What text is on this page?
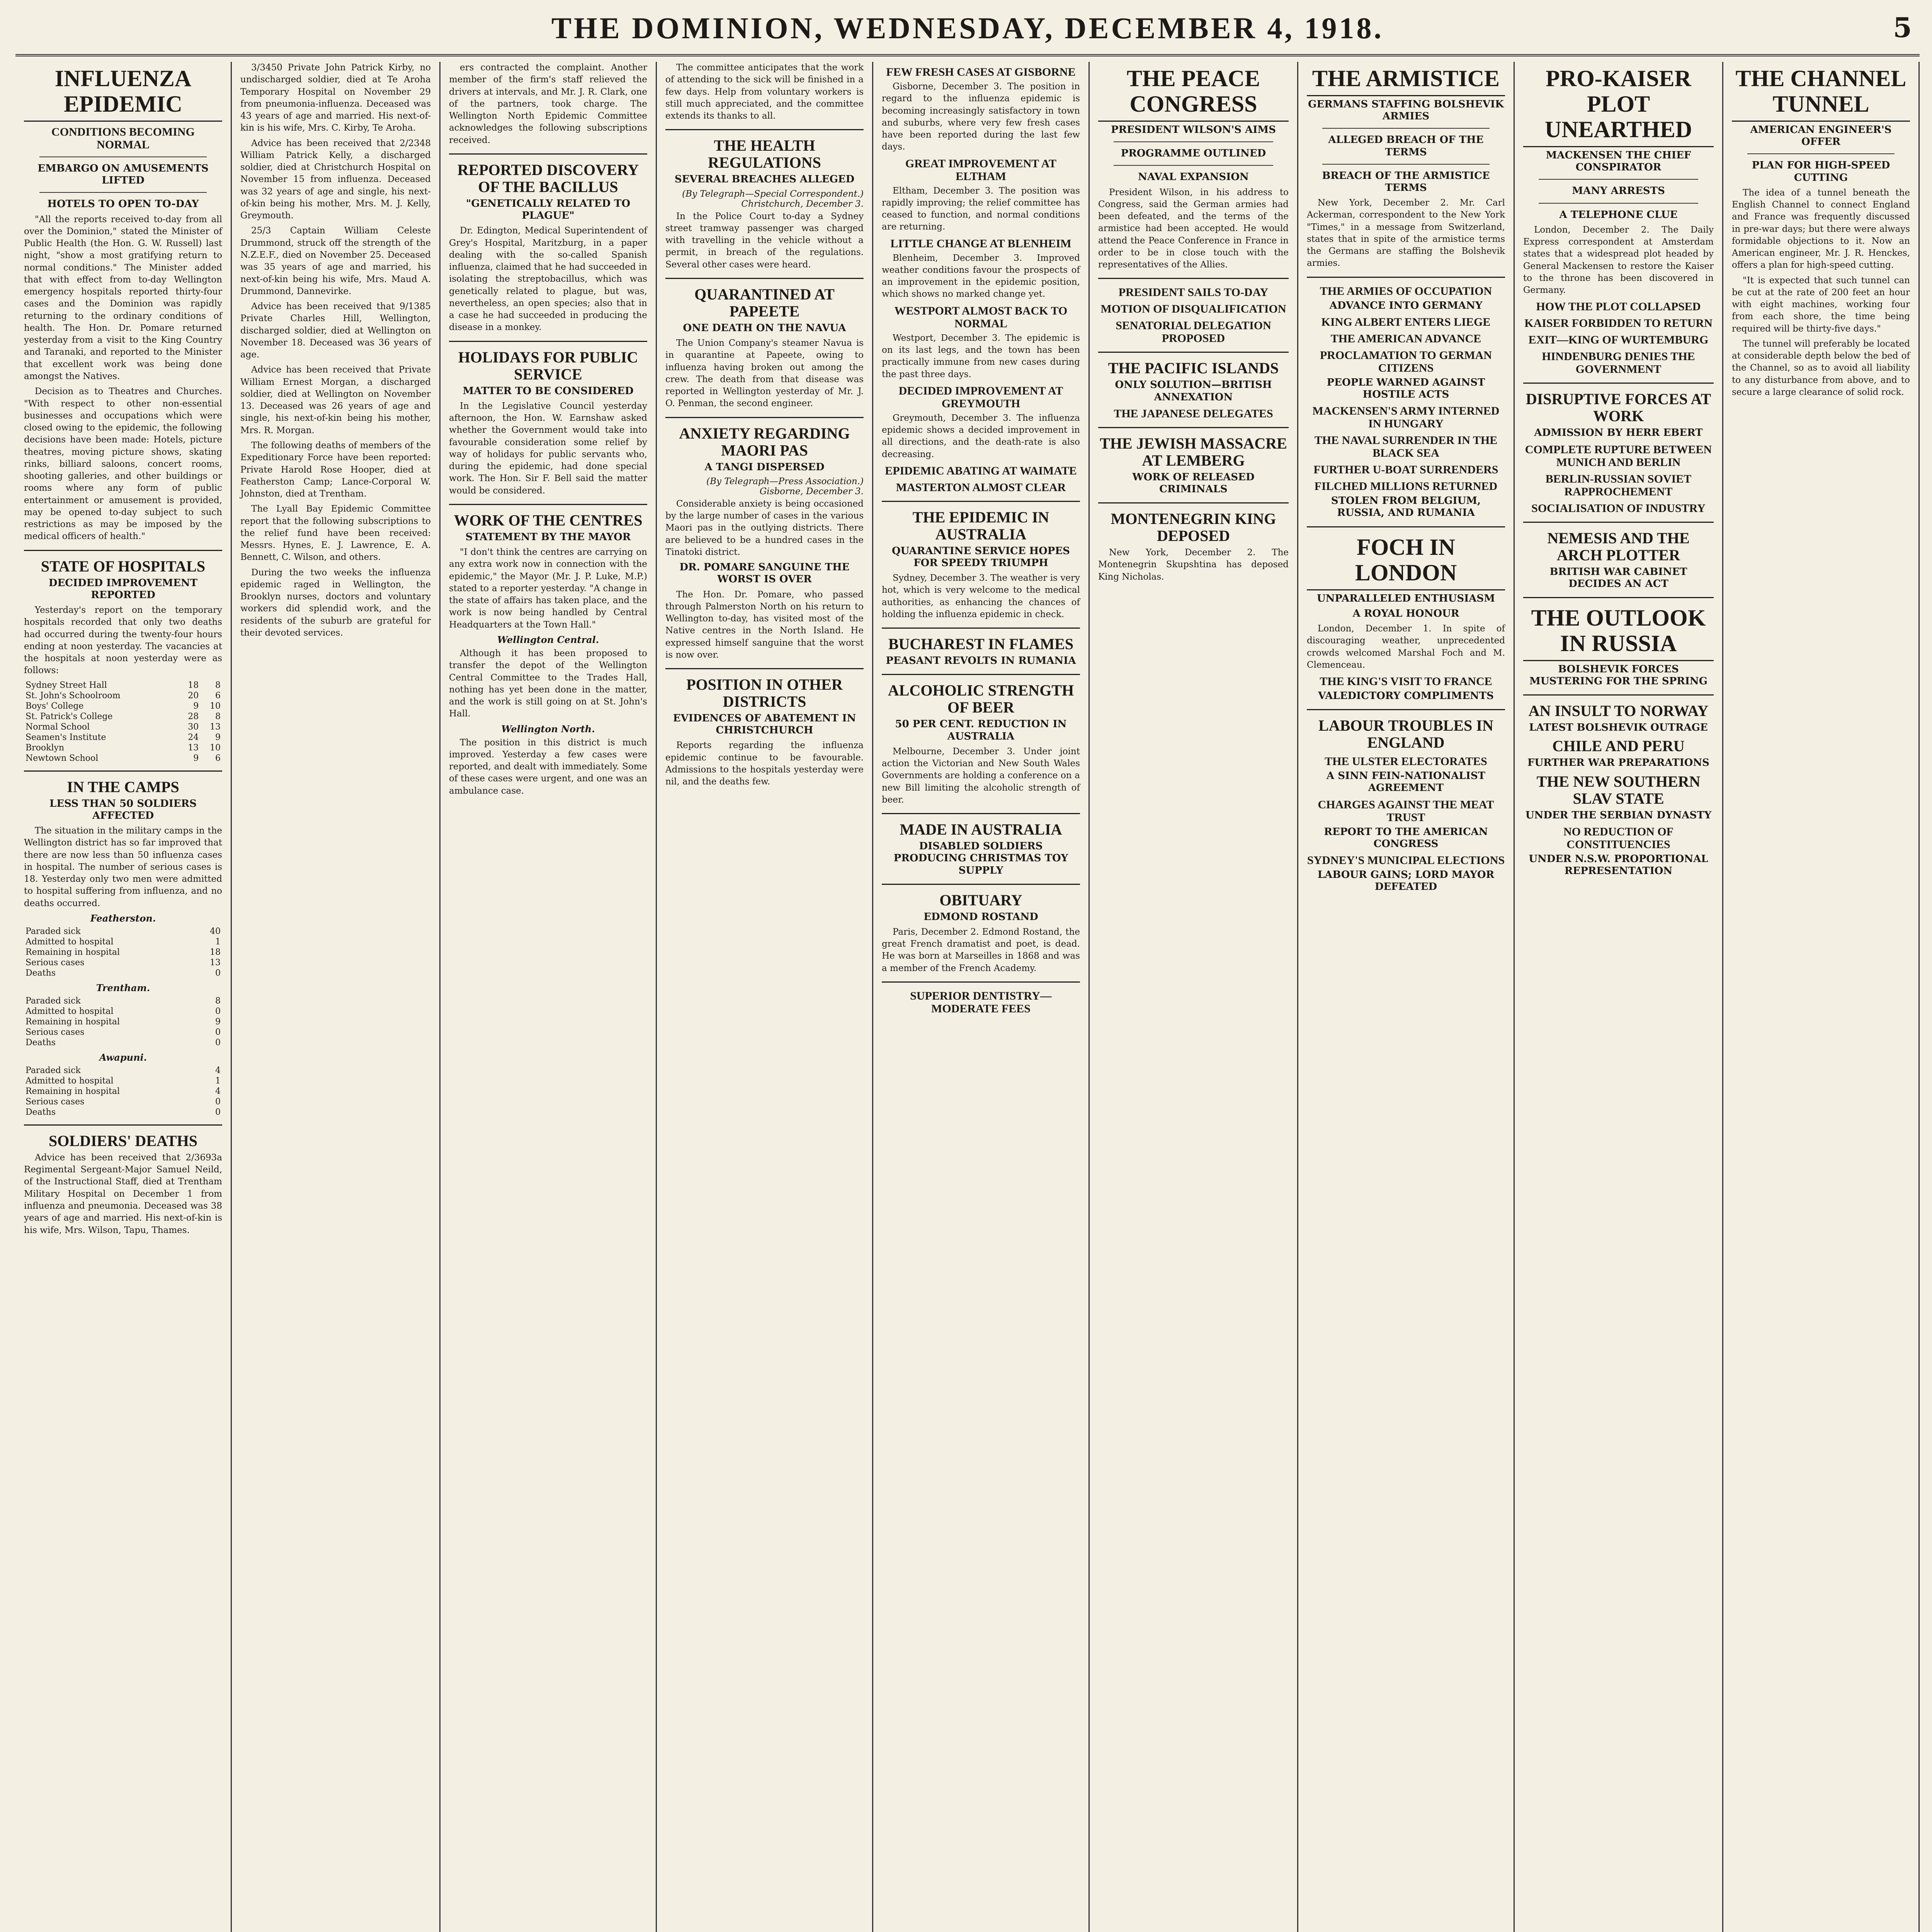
THE DOMINION, WEDNESDAY, DECEMBER 4, 1918.	5
INFLUENZA EPIDEMIC
CONDITIONS BECOMING NORMAL
EMBARGO ON AMUSEMENTS LIFTED
HOTELS TO OPEN TO-DAY

"All the reports received to-day from all over the Dominion," stated the Minister of Public Health (the Hon. G. W. Russell) last night, "show a most gratifying return to normal conditions." The Minister added that with effect from to-day Wellington emergency hospitals reported thirty-four cases and the Dominion was rapidly returning to the ordinary conditions of health. The Hon. Dr. Pomare returned yesterday from a visit to the King Country and Taranaki, and reported to the Minister that excellent work was being done amongst the Natives.

Decision as to Theatres and Churches. "With respect to other non-essential businesses and occupations which were closed owing to the epidemic, the following decisions have been made: Hotels, picture theatres, moving picture shows, skating rinks, billiard saloons, concert rooms, shooting galleries, and other buildings or rooms where any form of public entertainment or amusement is provided, may be opened to-day subject to such restrictions as may be imposed by the medical officers of health."

STATE OF HOSPITALS
DECIDED IMPROVEMENT REPORTED

Yesterday's report on the temporary hospitals recorded that only two deaths had occurred during the twenty-four hours ending at noon yesterday. The vacancies at the hospitals at noon yesterday were as follows:

Sydney Street Hall	18	8
St. John's Schoolroom	20	6
Boys' College	9	10
St. Patrick's College	28	8
Normal School	30	13
Seamen's Institute	24	9
Brooklyn	13	10
Newtown School	9	6
IN THE CAMPS
LESS THAN 50 SOLDIERS AFFECTED

The situation in the military camps in the Wellington district has so far improved that there are now less than 50 influenza cases in hospital. The number of serious cases is 18. Yesterday only two men were admitted to hospital suffering from influenza, and no deaths occurred.

Featherston.
Paraded sick	40
Admitted to hospital	1
Remaining in hospital	18
Serious cases	13
Deaths	0
Trentham.
Paraded sick	8
Admitted to hospital	0
Remaining in hospital	9
Serious cases	0
Deaths	0
Awapuni.
Paraded sick	4
Admitted to hospital	1
Remaining in hospital	4
Serious cases	0
Deaths	0
SOLDIERS' DEATHS

Advice has been received that 2/3693a Regimental Sergeant-Major Samuel Neild, of the Instructional Staff, died at Trentham Military Hospital on December 1 from influenza and pneumonia. Deceased was 38 years of age and married. His next-of-kin is his wife, Mrs. Wilson, Tapu, Thames.

3/3450 Private John Patrick Kirby, no undischarged soldier, died at Te Aroha Temporary Hospital on November 29 from pneumonia-influenza. Deceased was 43 years of age and married. His next-of-kin is his wife, Mrs. C. Kirby, Te Aroha.

Advice has been received that 2/2348 William Patrick Kelly, a discharged soldier, died at Christchurch Hospital on November 15 from influenza. Deceased was 32 years of age and single, his next-of-kin being his mother, Mrs. M. J. Kelly, Greymouth.

25/3 Captain William Celeste Drummond, struck off the strength of the N.Z.E.F., died on November 25. Deceased was 35 years of age and married, his next-of-kin being his wife, Mrs. Maud A. Drummond, Dannevirke.

Advice has been received that 9/1385 Private Charles Hill, Wellington, discharged soldier, died at Wellington on November 18. Deceased was 36 years of age.

Advice has been received that Private William Ernest Morgan, a discharged soldier, died at Wellington on November 13. Deceased was 26 years of age and single, his next-of-kin being his mother, Mrs. R. Morgan.

The following deaths of members of the Expeditionary Force have been reported: Private Harold Rose Hooper, died at Featherston Camp; Lance-Corporal W. Johnston, died at Trentham.

The Lyall Bay Epidemic Committee report that the following subscriptions to the relief fund have been received: Messrs. Hynes, E. J. Lawrence, E. A. Bennett, C. Wilson, and others.

During the two weeks the influenza epidemic raged in Wellington, the Brooklyn nurses, doctors and voluntary workers did splendid work, and the residents of the suburb are grateful for their devoted services.

ers contracted the complaint. Another member of the firm's staff relieved the drivers at intervals, and Mr. J. R. Clark, one of the partners, took charge. The Wellington North Epidemic Committee acknowledges the following subscriptions received.

REPORTED DISCOVERY OF THE BACILLUS
"GENETICALLY RELATED TO PLAGUE"

Dr. Edington, Medical Superintendent of Grey's Hospital, Maritzburg, in a paper dealing with the so-called Spanish influenza, claimed that he had succeeded in isolating the streptobacillus, which was genetically related to plague, but was, nevertheless, an open species; also that in a case he had succeeded in producing the disease in a monkey.

HOLIDAYS FOR PUBLIC SERVICE
MATTER TO BE CONSIDERED

In the Legislative Council yesterday afternoon, the Hon. W. Earnshaw asked whether the Government would take into favourable consideration some relief by way of holidays for public servants who, during the epidemic, had done special work. The Hon. Sir F. Bell said the matter would be considered.

WORK OF THE CENTRES
STATEMENT BY THE MAYOR

"I don't think the centres are carrying on any extra work now in connection with the epidemic," the Mayor (Mr. J. P. Luke, M.P.) stated to a reporter yesterday. "A change in the state of affairs has taken place, and the work is now being handled by Central Headquarters at the Town Hall."

Wellington Central.

Although it has been proposed to transfer the depot of the Wellington Central Committee to the Trades Hall, nothing has yet been done in the matter, and the work is still going on at St. John's Hall.

Wellington North.

The position in this district is much improved. Yesterday a few cases were reported, and dealt with immediately. Some of these cases were urgent, and one was an ambulance case.

The committee anticipates that the work of attending to the sick will be finished in a few days. Help from voluntary workers is still much appreciated, and the committee extends its thanks to all.

THE HEALTH REGULATIONS
SEVERAL BREACHES ALLEGED
(By Telegraph—Special Correspondent.) Christchurch, December 3.

In the Police Court to-day a Sydney street tramway passenger was charged with travelling in the vehicle without a permit, in breach of the regulations. Several other cases were heard.

QUARANTINED AT PAPEETE
ONE DEATH ON THE NAVUA

The Union Company's steamer Navua is in quarantine at Papeete, owing to influenza having broken out among the crew. The death from that disease was reported in Wellington yesterday of Mr. J. O. Penman, the second engineer.

ANXIETY REGARDING MAORI PAS
A TANGI DISPERSED
(By Telegraph—Press Association.) Gisborne, December 3.

Considerable anxiety is being occasioned by the large number of cases in the various Maori pas in the outlying districts. There are believed to be a hundred cases in the Tinatoki district.

DR. POMARE SANGUINE THE WORST IS OVER

The Hon. Dr. Pomare, who passed through Palmerston North on his return to Wellington to-day, has visited most of the Native centres in the North Island. He expressed himself sanguine that the worst is now over.

POSITION IN OTHER DISTRICTS
EVIDENCES OF ABATEMENT IN CHRISTCHURCH

Reports regarding the influenza epidemic continue to be favourable. Admissions to the hospitals yesterday were nil, and the deaths few.

FEW FRESH CASES AT GISBORNE

Gisborne, December 3. The position in regard to the influenza epidemic is becoming increasingly satisfactory in town and suburbs, where very few fresh cases have been reported during the last few days.

GREAT IMPROVEMENT AT ELTHAM

Eltham, December 3. The position was rapidly improving; the relief committee has ceased to function, and normal conditions are returning.

LITTLE CHANGE AT BLENHEIM

Blenheim, December 3. Improved weather conditions favour the prospects of an improvement in the epidemic position, which shows no marked change yet.

WESTPORT ALMOST BACK TO NORMAL

Westport, December 3. The epidemic is on its last legs, and the town has been practically immune from new cases during the past three days.

DECIDED IMPROVEMENT AT GREYMOUTH

Greymouth, December 3. The influenza epidemic shows a decided improvement in all directions, and the death-rate is also decreasing.

EPIDEMIC ABATING AT WAIMATE
MASTERTON ALMOST CLEAR
THE EPIDEMIC IN AUSTRALIA
QUARANTINE SERVICE HOPES FOR SPEEDY TRIUMPH

Sydney, December 3. The weather is very hot, which is very welcome to the medical authorities, as enhancing the chances of holding the influenza epidemic in check.

BUCHAREST IN FLAMES
PEASANT REVOLTS IN RUMANIA
ALCOHOLIC STRENGTH OF BEER
50 PER CENT. REDUCTION IN AUSTRALIA

Melbourne, December 3. Under joint action the Victorian and New South Wales Governments are holding a conference on a new Bill limiting the alcoholic strength of beer.

MADE IN AUSTRALIA
DISABLED SOLDIERS PRODUCING CHRISTMAS TOY SUPPLY
OBITUARY
EDMOND ROSTAND

Paris, December 2. Edmond Rostand, the great French dramatist and poet, is dead. He was born at Marseilles in 1868 and was a member of the French Academy.

SUPERIOR DENTISTRY—MODERATE FEES
THE PEACE CONGRESS
PRESIDENT WILSON'S AIMS
PROGRAMME OUTLINED
NAVAL EXPANSION

President Wilson, in his address to Congress, said the German armies had been defeated, and the terms of the armistice had been accepted. He would attend the Peace Conference in France in order to be in close touch with the representatives of the Allies.

PRESIDENT SAILS TO-DAY
MOTION OF DISQUALIFICATION
SENATORIAL DELEGATION PROPOSED
THE PACIFIC ISLANDS
ONLY SOLUTION—BRITISH ANNEXATION
THE JAPANESE DELEGATES
THE JEWISH MASSACRE AT LEMBERG
WORK OF RELEASED CRIMINALS
MONTENEGRIN KING DEPOSED

New York, December 2. The Montenegrin Skupshtina has deposed King Nicholas.

THE ARMISTICE
GERMANS STAFFING BOLSHEVIK ARMIES
ALLEGED BREACH OF THE TERMS
BREACH OF THE ARMISTICE TERMS

New York, December 2. Mr. Carl Ackerman, correspondent to the New York "Times," in a message from Switzerland, states that in spite of the armistice terms the Germans are staffing the Bolshevik armies.

THE ARMIES OF OCCUPATION
ADVANCE INTO GERMANY
KING ALBERT ENTERS LIEGE
THE AMERICAN ADVANCE
PROCLAMATION TO GERMAN CITIZENS
PEOPLE WARNED AGAINST HOSTILE ACTS
MACKENSEN'S ARMY INTERNED IN HUNGARY
THE NAVAL SURRENDER IN THE BLACK SEA
FURTHER U-BOAT SURRENDERS
FILCHED MILLIONS RETURNED
STOLEN FROM BELGIUM, RUSSIA, AND RUMANIA
FOCH IN LONDON
UNPARALLELED ENTHUSIASM
A ROYAL HONOUR

London, December 1. In spite of discouraging weather, unprecedented crowds welcomed Marshal Foch and M. Clemenceau.

THE KING'S VISIT TO FRANCE
VALEDICTORY COMPLIMENTS
LABOUR TROUBLES IN ENGLAND
THE ULSTER ELECTORATES
A SINN FEIN-NATIONALIST AGREEMENT
CHARGES AGAINST THE MEAT TRUST
REPORT TO THE AMERICAN CONGRESS
SYDNEY'S MUNICIPAL ELECTIONS
LABOUR GAINS; LORD MAYOR DEFEATED
PRO-KAISER PLOT UNEARTHED
MACKENSEN THE CHIEF CONSPIRATOR
MANY ARRESTS
A TELEPHONE CLUE

London, December 2. The Daily Express correspondent at Amsterdam states that a widespread plot headed by General Mackensen to restore the Kaiser to the throne has been discovered in Germany.

HOW THE PLOT COLLAPSED
KAISER FORBIDDEN TO RETURN
EXIT—KING OF WURTEMBURG
HINDENBURG DENIES THE GOVERNMENT
DISRUPTIVE FORCES AT WORK
ADMISSION BY HERR EBERT
COMPLETE RUPTURE BETWEEN MUNICH AND BERLIN
BERLIN-RUSSIAN SOVIET RAPPROCHEMENT
SOCIALISATION OF INDUSTRY
NEMESIS AND THE ARCH PLOTTER
BRITISH WAR CABINET DECIDES AN ACT
THE OUTLOOK IN RUSSIA
BOLSHEVIK FORCES MUSTERING FOR THE SPRING
AN INSULT TO NORWAY
LATEST BOLSHEVIK OUTRAGE
CHILE AND PERU
FURTHER WAR PREPARATIONS
THE NEW SOUTHERN SLAV STATE
UNDER THE SERBIAN DYNASTY
NO REDUCTION OF CONSTITUENCIES
UNDER N.S.W. PROPORTIONAL REPRESENTATION
THE CHANNEL TUNNEL
AMERICAN ENGINEER'S OFFER
PLAN FOR HIGH-SPEED CUTTING

The idea of a tunnel beneath the English Channel to connect England and France was frequently discussed in pre-war days; but there were always formidable objections to it. Now an American engineer, Mr. J. R. Henckes, offers a plan for high-speed cutting.

"It is expected that such tunnel can be cut at the rate of 200 feet an hour with eight machines, working four from each shore, the time being required will be thirty-five days."

The tunnel will preferably be located at considerable depth below the bed of the Channel, so as to avoid all liability to any disturbance from above, and to secure a large clearance of solid rock.
